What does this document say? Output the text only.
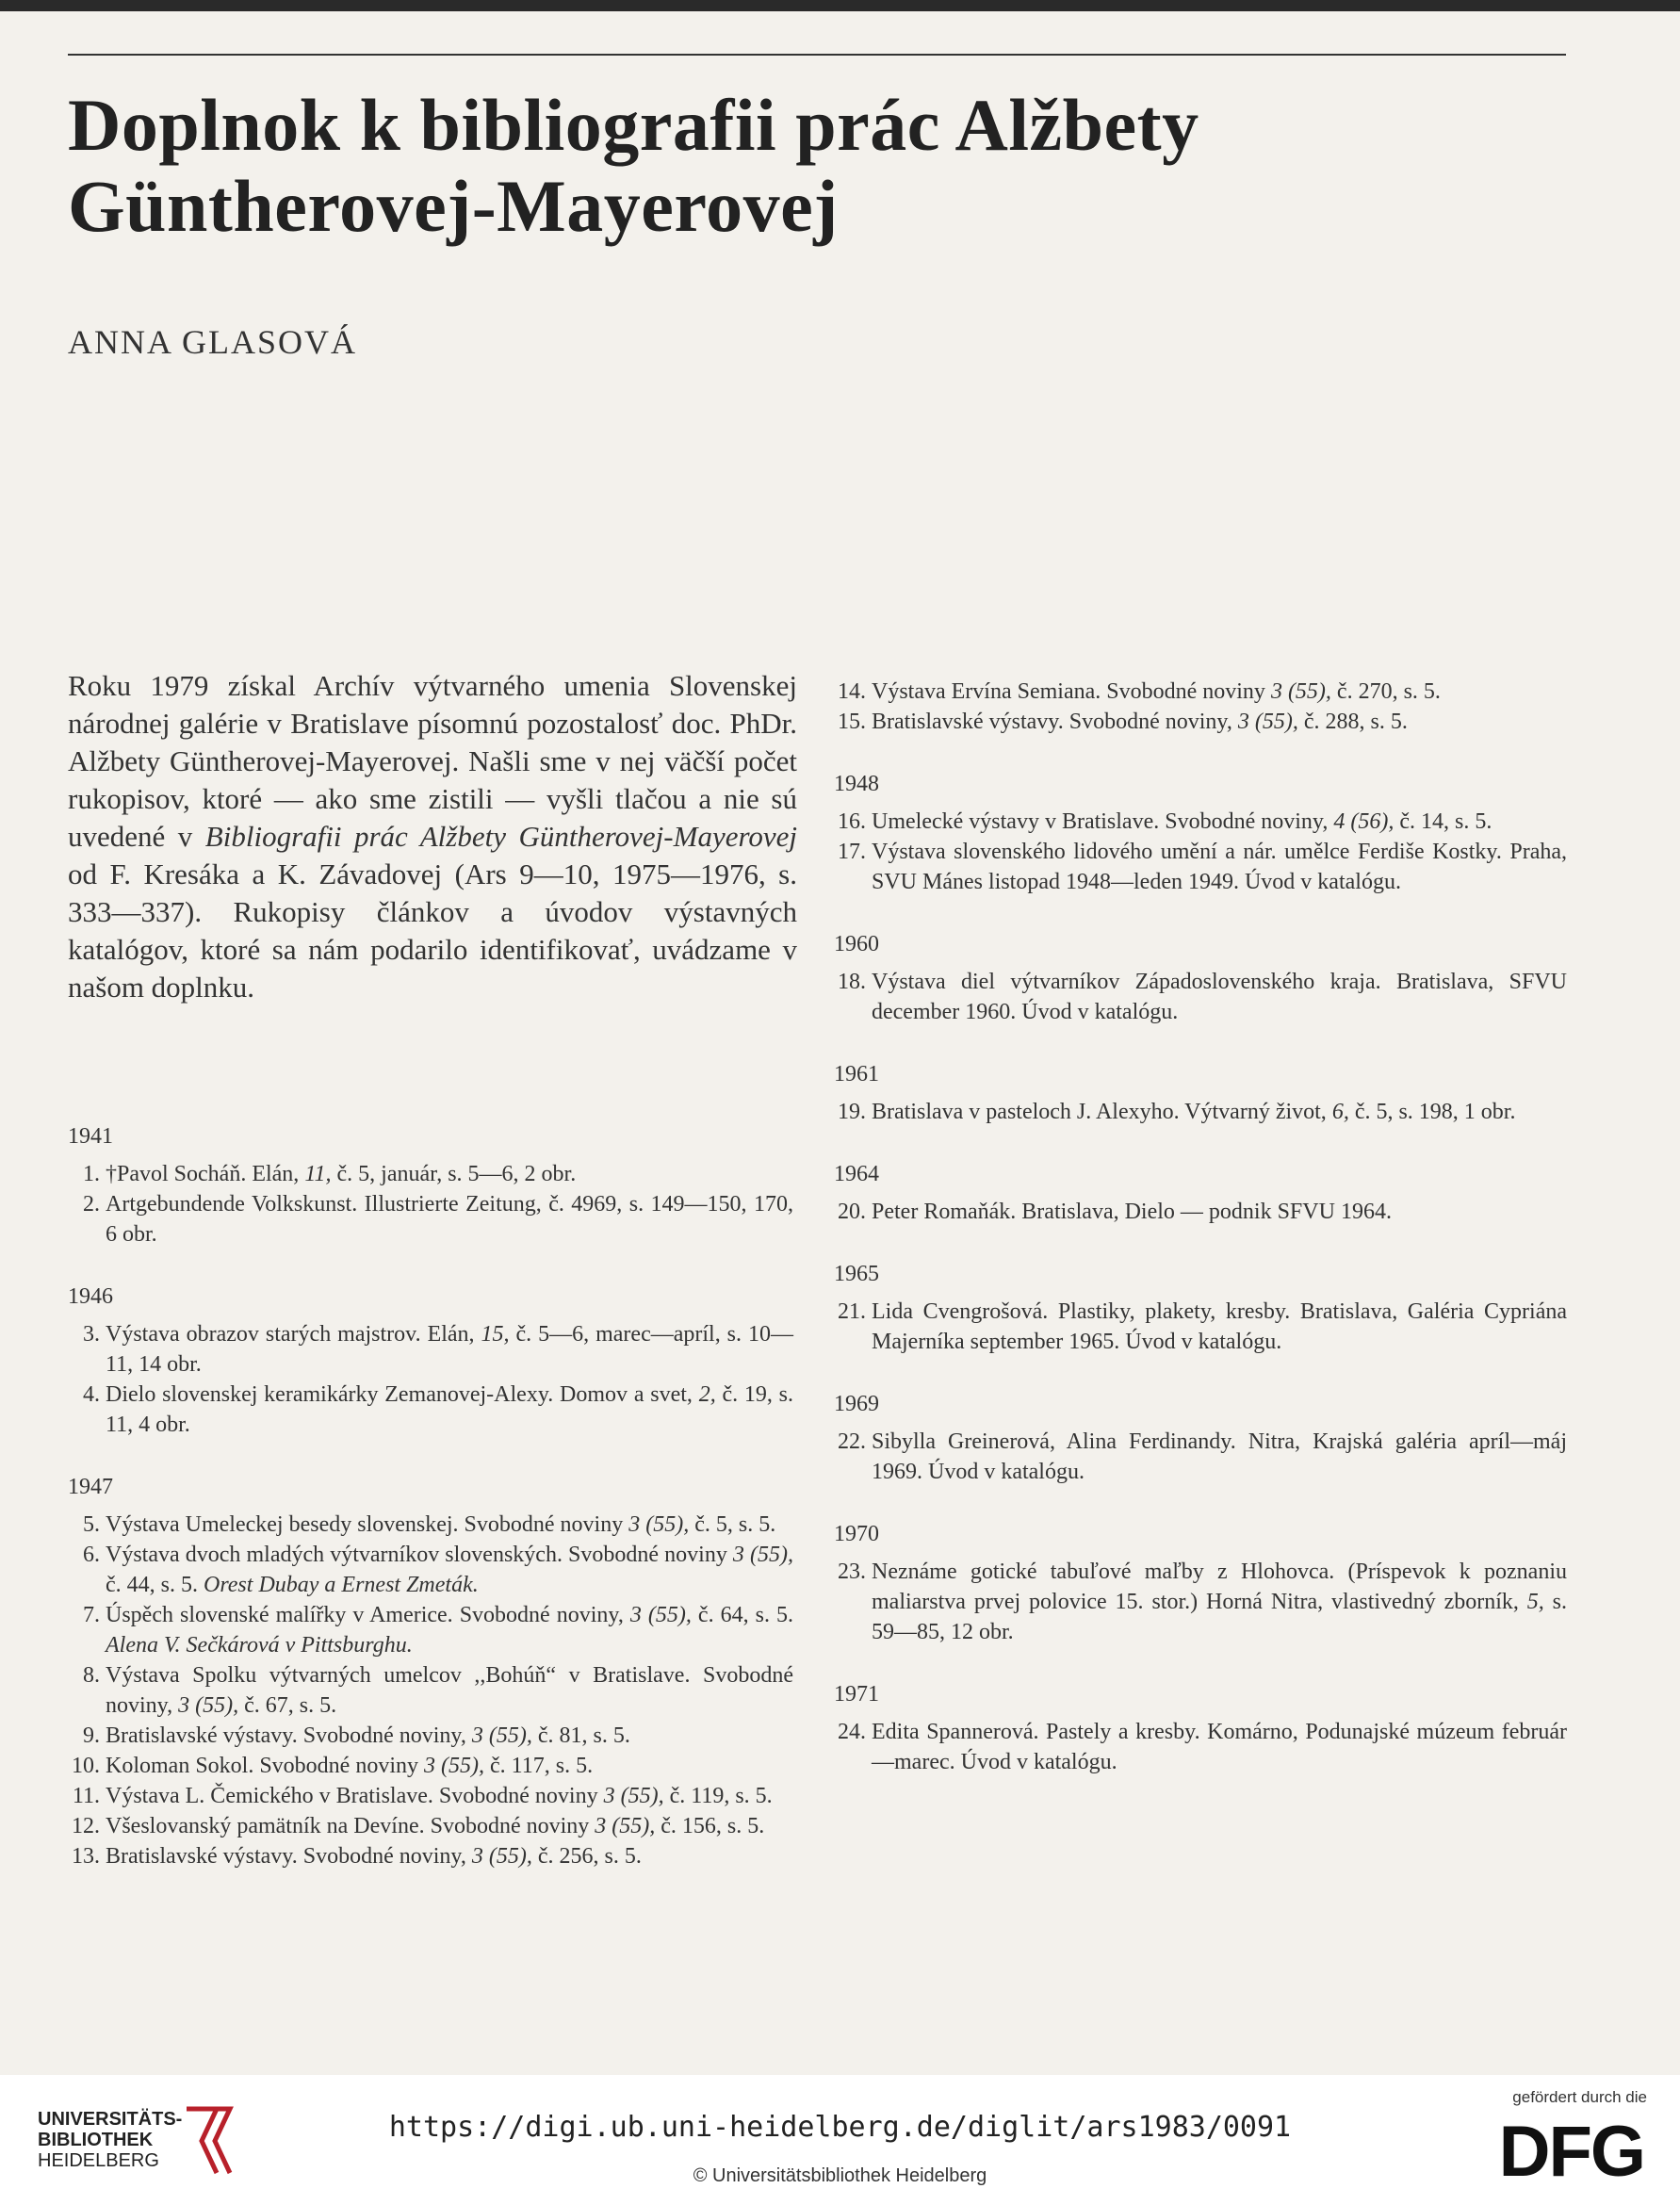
Doplnok k bibliografii prác Alžbety
Güntherovej-Mayerovej
ANNA GLASOVÁ

Roku 1979 získal Archív výtvarného umenia Slovenskej národnej galérie v Bratislave písomnú pozostalosť doc. PhDr. Alžbety Güntherovej-Mayerovej. Našli sme v nej väčší počet rukopisov, ktoré — ako sme zistili — vyšli tlačou a nie sú uvedené v Bibliografii prác Alžbety Güntherovej-Mayerovej od F. Kresáka a K. Závadovej (Ars 9—10, 1975—1976, s. 333—337). Rukopisy článkov a úvodov výstavných katalógov, ktoré sa nám podarilo identifikovať, uvádzame v našom doplnku.

1941
1. †Pavol Socháň. Elán, 11, č. 5, január, s. 5—6, 2 obr.
2. Artgebundende Volkskunst. Illustrierte Zeitung, č. 4969, s. 149—150, 170, 6 obr.
1946
3. Výstava obrazov starých majstrov. Elán, 15, č. 5—6, marec—apríl, s. 10—11, 14 obr.
4. Dielo slovenskej keramikárky Zemanovej-Alexy. Domov a svet, 2, č. 19, s. 11, 4 obr.
1947
5. Výstava Umeleckej besedy slovenskej. Svobodné noviny 3 (55), č. 5, s. 5.
6. Výstava dvoch mladých výtvarníkov slovenských. Svobodné noviny 3 (55), č. 44, s. 5. Orest Dubay a Ernest Zmeták.
7. Úspěch slovenské malířky v Americe. Svobodné noviny, 3 (55), č. 64, s. 5. Alena V. Sečkárová v Pittsburghu.
8. Výstava Spolku výtvarných umelcov ,,Bohúň“ v Bratislave. Svobodné noviny, 3 (55), č. 67, s. 5.
9. Bratislavské výstavy. Svobodné noviny, 3 (55), č. 81, s. 5.
10. Koloman Sokol. Svobodné noviny 3 (55), č. 117, s. 5.
11. Výstava L. Čemického v Bratislave. Svobodné noviny 3 (55), č. 119, s. 5.
12. Všeslovanský pamätník na Devíne. Svobodné noviny 3 (55), č. 156, s. 5.
13. Bratislavské výstavy. Svobodné noviny, 3 (55), č. 256, s. 5.
14. Výstava Ervína Semiana. Svobodné noviny 3 (55), č. 270, s. 5.
15. Bratislavské výstavy. Svobodné noviny, 3 (55), č. 288, s. 5.
1948
16. Umelecké výstavy v Bratislave. Svobodné noviny, 4 (56), č. 14, s. 5.
17. Výstava slovenského lidového umění a nár. umělce Ferdiše Kostky. Praha, SVU Mánes listopad 1948—leden 1949. Úvod v katalógu.
1960
18. Výstava diel výtvarníkov Západoslovenského kraja. Bratislava, SFVU december 1960. Úvod v katalógu.
1961
19. Bratislava v pasteloch J. Alexyho. Výtvarný život, 6, č. 5, s. 198, 1 obr.
1964
20. Peter Romaňák. Bratislava, Dielo — podnik SFVU 1964.
1965
21. Lida Cvengrošová. Plastiky, plakety, kresby. Bratislava, Galéria Cypriána Majerníka september 1965. Úvod v katalógu.
1969
22. Sibylla Greinerová, Alina Ferdinandy. Nitra, Krajská galéria apríl—máj 1969. Úvod v katalógu.
1970
23. Neznáme gotické tabuľové maľby z Hlohovca. (Príspevok k poznaniu maliarstva prvej polovice 15. stor.) Horná Nitra, vlastivedný zborník, 5, s. 59—85, 12 obr.
1971
24. Edita Spannerová. Pastely a kresby. Komárno, Podunajské múzeum február—marec. Úvod v katalógu.
UNIVERSITÄTS-
BIBLIOTHEK
HEIDELBERG
https://digi.ub.uni-heidelberg.de/diglit/ars1983/0091
© Universitätsbibliothek Heidelberg
gefördert durch die
DFG
